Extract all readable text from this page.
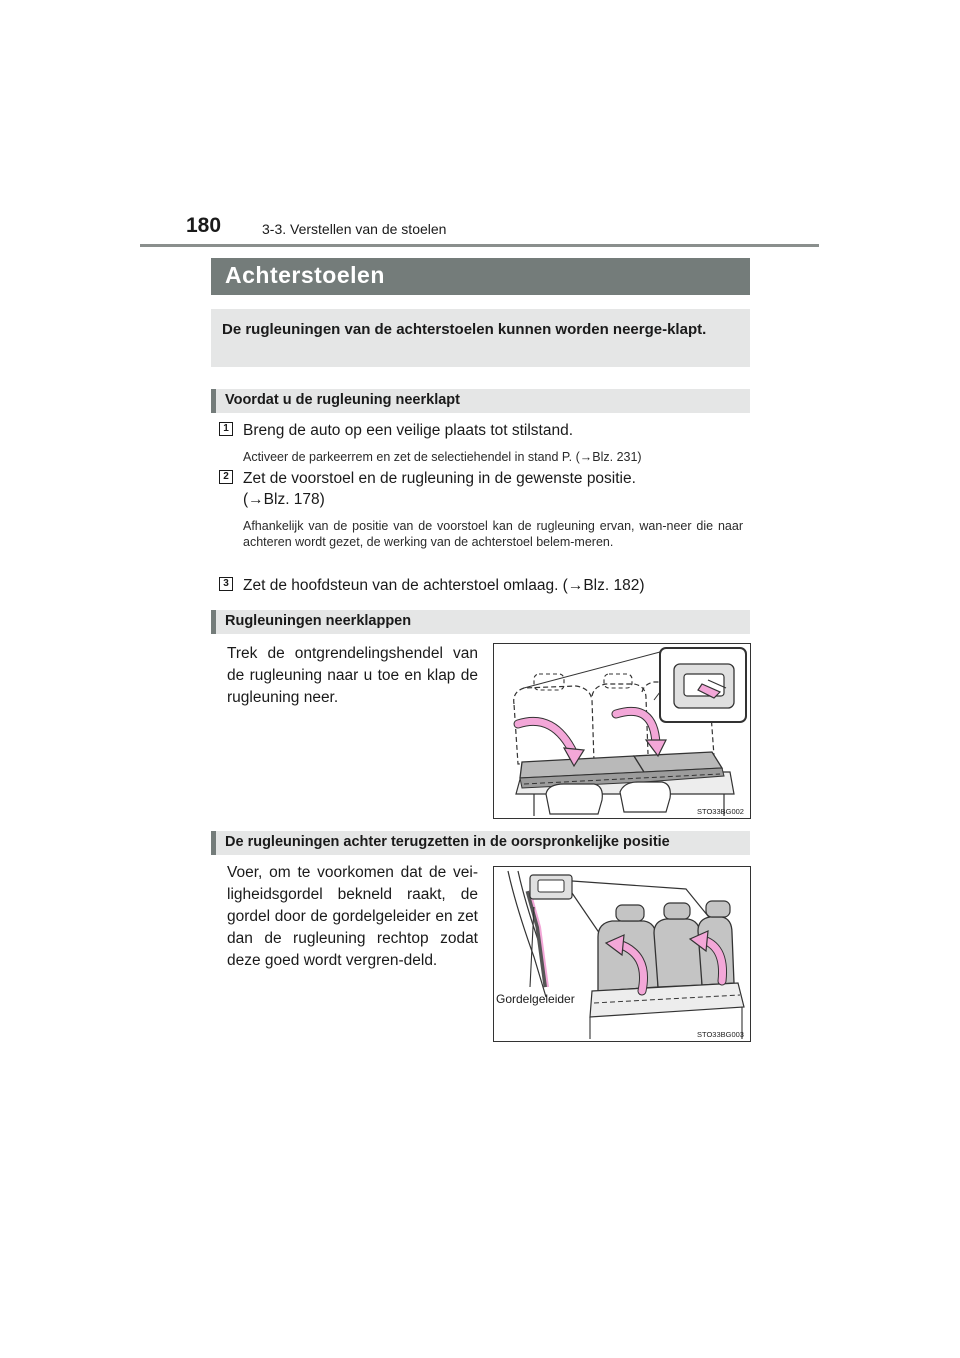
180	3-3. Verstellen van de stoelen
Achterstoelen
De rugleuningen van de achterstoelen kunnen worden neerge-klapt.
Voordat u de rugleuning neerklapt
1 Breng de auto op een veilige plaats tot stilstand.
Activeer de parkeerrem en zet de selectiehendel in stand P. (→Blz. 231)
2 Zet de voorstoel en de rugleuning in de gewenste positie.
(→Blz. 178)
Afhankelijk van de positie van de voorstoel kan de rugleuning ervan, wan-neer die naar achteren wordt gezet, de werking van de achterstoel belem-meren.
3 Zet de hoofdsteun van de achterstoel omlaag. (→Blz. 182)
Rugleuningen neerklappen
Trek de ontgrendelingshendel van de rugleuning naar u toe en klap de rugleuning neer.
STO33BG002
De rugleuningen achter terugzetten in de oorspronkelijke positie
Voer, om te voorkomen dat de vei-ligheidsgordel bekneld raakt, de gordel door de gordelgeleider en zet dan de rugleuning rechtop zodat deze goed wordt vergren-deld.
Gordelgeleider
STO33BG003
